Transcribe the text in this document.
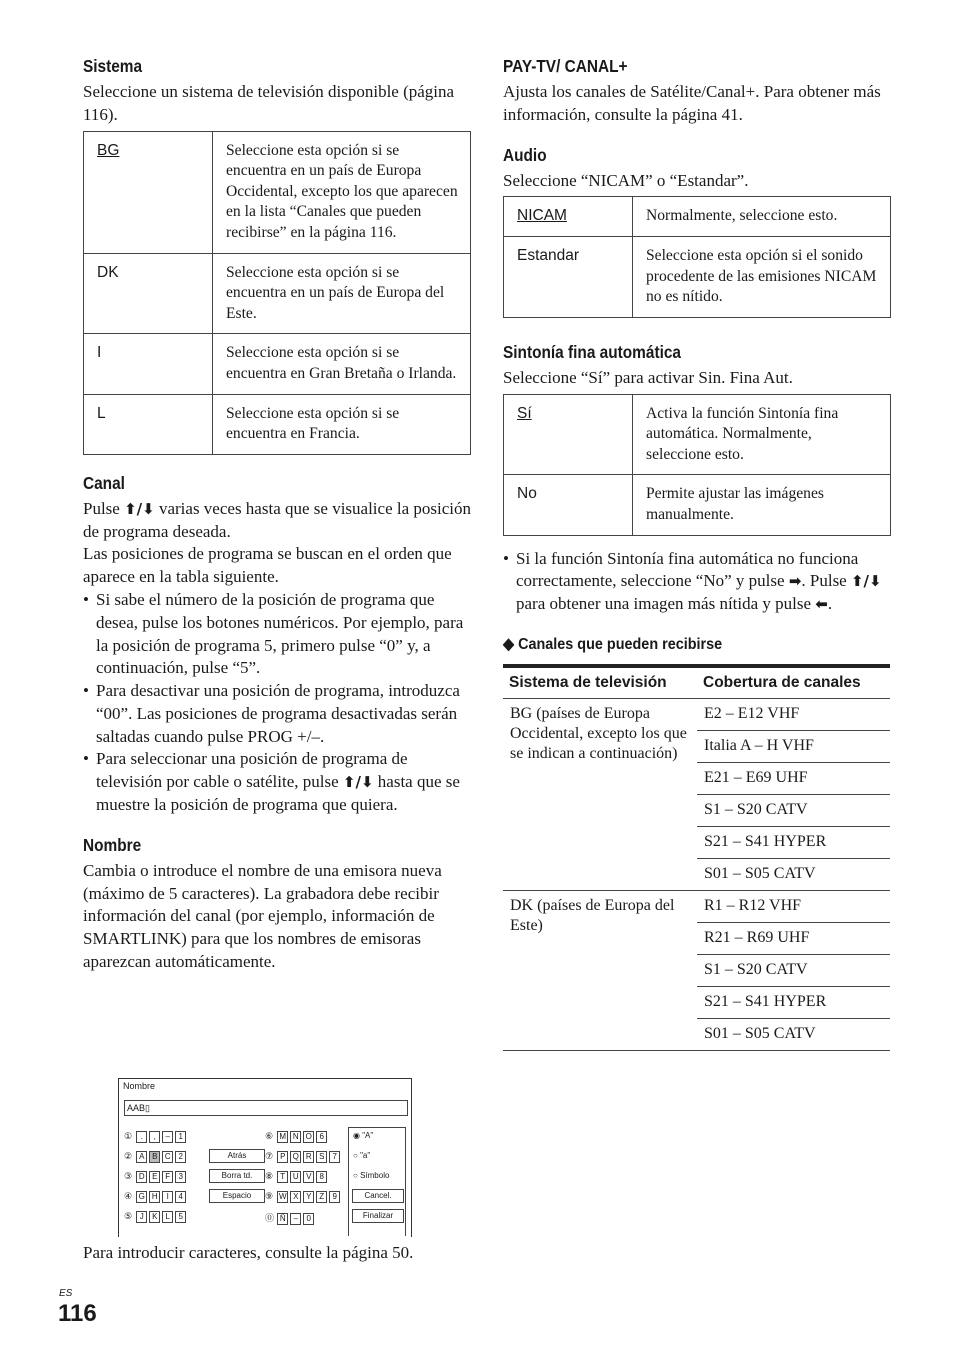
Sistema

Seleccione un sistema de televisión disponible (página 116).

BG	Seleccione esta opción si se encuentra en un país de Europa Occidental, excepto los que aparecen en la lista “Canales que pueden recibirse” en la página 116.
DK	Seleccione esta opción si se encuentra en un país de Europa del Este.
I	Seleccione esta opción si se encuentra en Gran Bretaña o Irlanda.
L	Seleccione esta opción si se encuentra en Francia.
Canal

Pulse ⬆/⬇ varias veces hasta que se visualice la posición de programa deseada.

Las posiciones de programa se buscan en el orden que aparece en la tabla siguiente.

• Si sabe el número de la posición de programa que desea, pulse los botones numéricos. Por ejemplo, para la posición de programa 5, primero pulse “0” y, a continuación, pulse “5”.
• Para desactivar una posición de programa, introduzca “00”. Las posiciones de programa desactivadas serán saltadas cuando pulse PROG +/–.
• Para seleccionar una posición de programa de televisión por cable o satélite, pulse ⬆/⬇ hasta que se muestre la posición de programa que quiera.
Nombre

Cambia o introduce el nombre de una emisora nueva (máximo de 5 caracteres). La grabadora debe recibir información del canal (por ejemplo, información de SMARTLINK) para que los nombres de emisoras aparezcan automáticamente.

Nombre
AAB▯
① . , – 1
② A B C 2
③ D E F 3
④ G H I 4
⑤ J K L 5
Atrás
Borra td.
Espacio
⑥ M N O 6
⑦ P Q R S 7
⑧ T U V 8
⑨ W X Y Z 9
⓪ Ñ – 0
◉ "A"
○ "a"
○ Símbolo
Cancel.
Finalizar
Para introducir caracteres, consulte la página 50.
PAY-TV/ CANAL+

Ajusta los canales de Satélite/Canal+. Para obtener más información, consulte la página 41.

Audio

Seleccione “NICAM” o “Estandar”.

NICAM	Normalmente, seleccione esto.
Estandar	Seleccione esta opción si el sonido procedente de las emisiones NICAM no es nítido.
Sintonía fina automática

Seleccione “Sí” para activar Sin. Fina Aut.

Sí	Activa la función Sintonía fina automática. Normalmente, seleccione esto.
No	Permite ajustar las imágenes manualmente.
• Si la función Sintonía fina automática no funciona correctamente, seleccione “No” y pulse ➡. Pulse ⬆/⬇ para obtener una imagen más nítida y pulse ⬅.
◆ Canales que pueden recibirse
Sistema de televisión	Cobertura de canales
BG (países de Europa Occidental, excepto los que se indican a continuación)	E2 – E12 VHF
	Italia A – H VHF
	E21 – E69 UHF
	S1 – S20 CATV
	S21 – S41 HYPER
	S01 – S05 CATV
DK (países de Europa del Este)	R1 – R12 VHF
	R21 – R69 UHF
	S1 – S20 CATV
	S21 – S41 HYPER
	S01 – S05 CATV
ES
116
